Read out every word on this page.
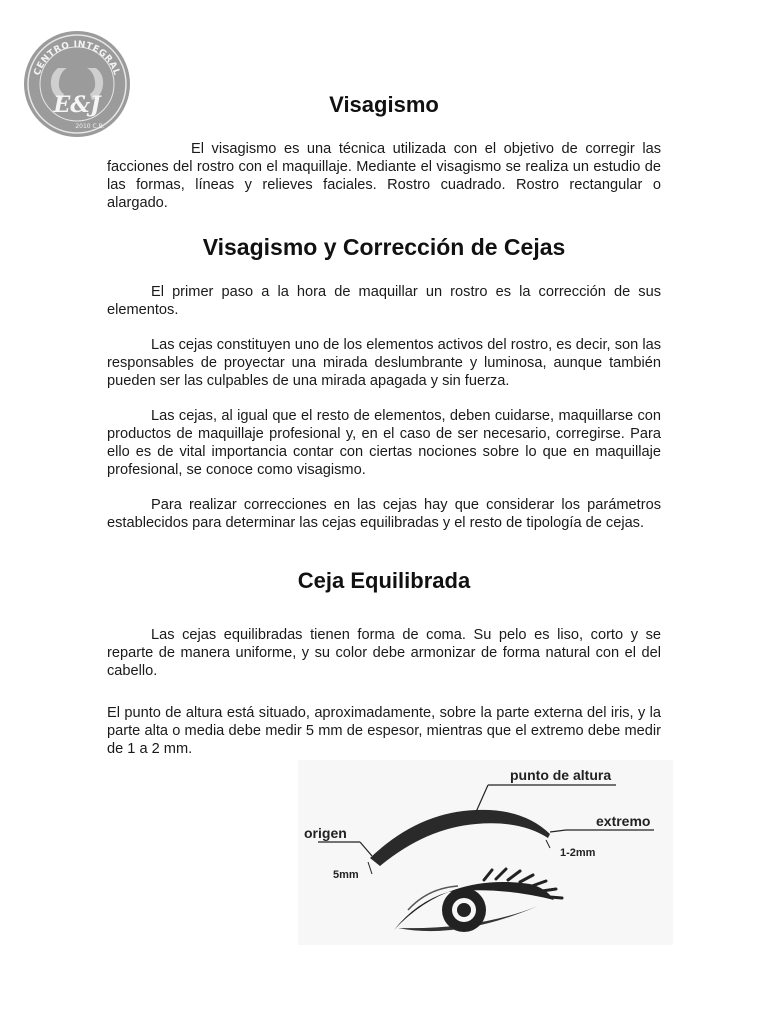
CENTRO INTEGRAL
E&J
2010 C.B.
Visagismo

El visagismo es una técnica utilizada con el objetivo de corregir las facciones del rostro con el maquillaje. Mediante el visagismo se realiza un estudio de las formas, líneas y relieves faciales. Rostro cuadrado. Rostro rectangular o alargado.

Visagismo y Corrección de Cejas

El primer paso a la hora de maquillar un rostro es la corrección de sus elementos.

Las cejas constituyen uno de los elementos activos del rostro, es decir, son las responsables de proyectar una mirada deslumbrante y luminosa, aunque también pueden ser las culpables de una mirada apagada y sin fuerza.

Las cejas, al igual que el resto de elementos, deben cuidarse, maquillarse con productos de maquillaje profesional y, en el caso de ser necesario, corregirse. Para ello es de vital importancia contar con ciertas nociones sobre lo que en maquillaje profesional, se conoce como visagismo.

Para realizar correcciones en las cejas hay que considerar los parámetros establecidos para determinar las cejas equilibradas y el resto de tipología de cejas.

Ceja Equilibrada

Las cejas equilibradas tienen forma de coma. Su pelo es liso, corto y se reparte de manera uniforme, y su color debe armonizar de forma natural con el del cabello.

El punto de altura está situado, aproximadamente, sobre la parte externa del iris, y la parte alta o media debe medir 5 mm de espesor, mientras que el extremo debe medir de 1 a 2 mm.

punto de altura
origen
extremo
5mm
1-2mm
